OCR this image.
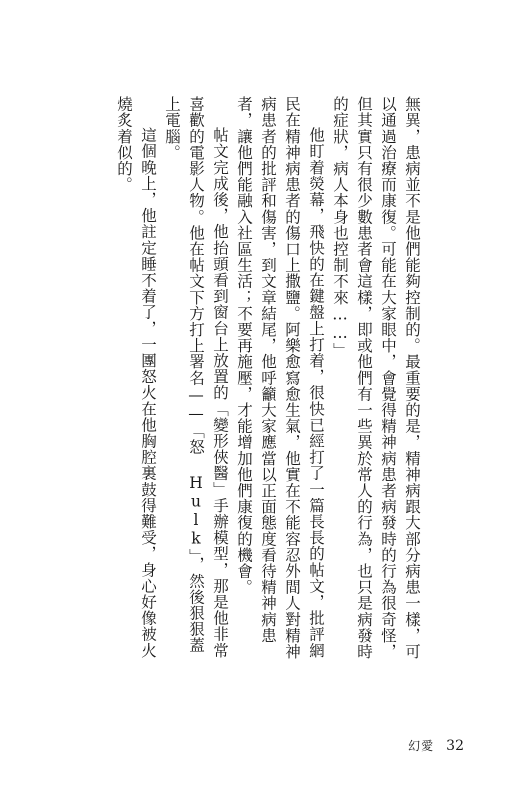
無異，患病並不是他們能夠控制的。最重要的是，精神病跟大部分病患一樣，可以通過治療而康復。可能在大家眼中，會覺得精神病患者病發時的行為很奇怪，但其實只有很少數患者會這樣，即或他們有一些異於常人的行為，也只是病發時的症狀，病人本身也控制不來……」

他盯着熒幕，飛快的在鍵盤上打着，很快已經打了一篇長長的帖文，批評網民在精神病患者的傷口上撒鹽。阿樂愈寫愈生氣，他實在不能容忍外間人對精神病患者的批評和傷害，到文章結尾，他呼籲大家應當以正面態度看待精神病患者，讓他們能融入社區生活；不要再施壓，才能增加他們康復的機會。

帖文完成後，他抬頭看到窗台上放置的「變形俠醫」手辦模型，那是他非常喜歡的電影人物。他在帖文下方打上署名——「怒 Hulk」，然後狠狠蓋上電腦。

這個晚上，他註定睡不着了，一團怒火在他胸腔裏鼓得難受，身心好像被火燒炙着似的。

幻愛 32
